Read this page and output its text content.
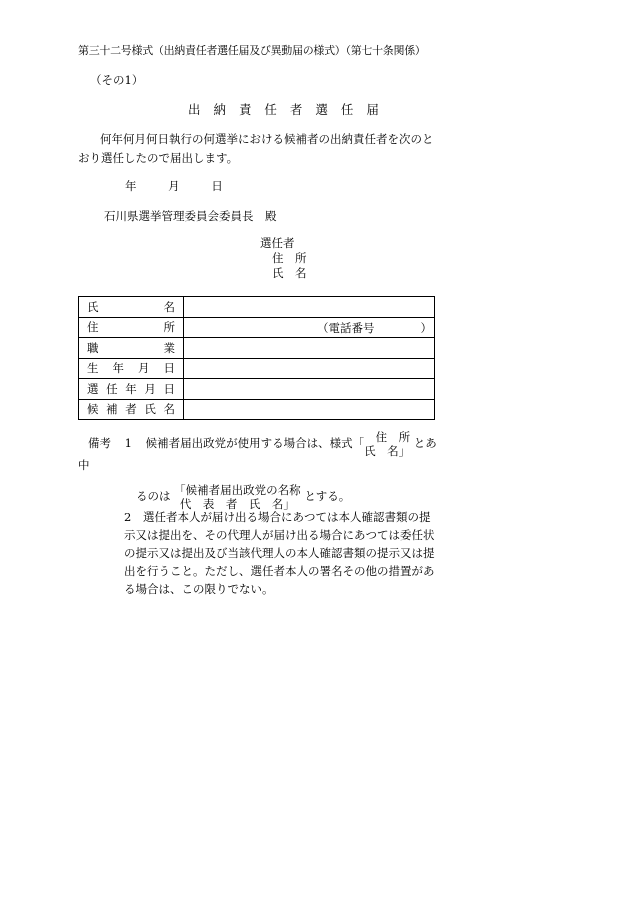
第三十二号様式（出納責任者選任届及び異動届の様式）（第七十条関係）
（その1）
出 納 責 任 者 選 任 届
何年何月何日執行の何選挙における候補者の出納責任者を次のとおり選任したので届出します。
年	月	日
石川県選挙管理委員会委員長　殿
選任者
住　所
氏　名
氏名	
住所	（電話番号　　　　）

職業	
生年月日	
選任年月日	
候補者氏名	
備考 1 候補者届出政党が使用する場合は、様式「 住　所
氏　名」 とあ
中
るのは 「候補者届出政党の名称
代　表　者　氏　名」 とする。
2 選任者本人が届け出る場合にあつては本人確認書類の提示又は提出を、その代理人が届け出る場合にあつては委任状の提示又は提出及び当該代理人の本人確認書類の提示又は提出を行うこと。ただし、選任者本人の署名その他の措置がある場合は、この限りでない。
